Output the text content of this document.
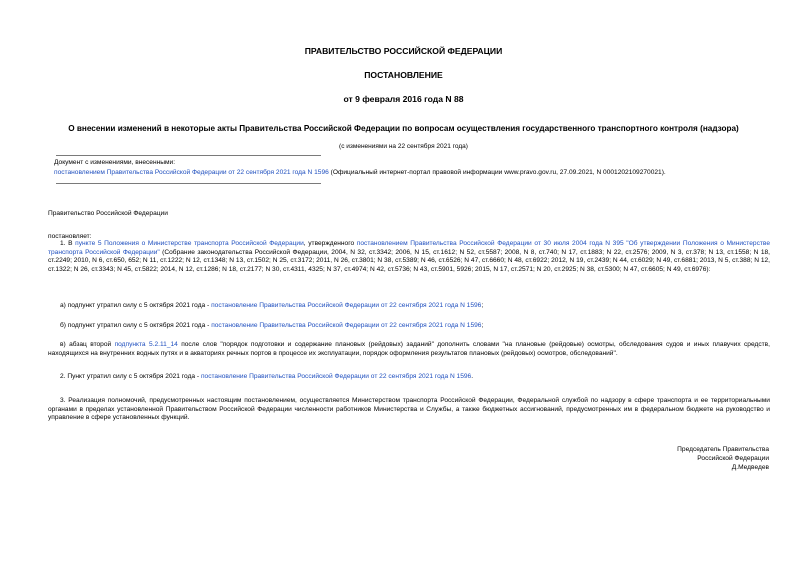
ПРАВИТЕЛЬСТВО РОССИЙСКОЙ ФЕДЕРАЦИИ
ПОСТАНОВЛЕНИЕ
от 9 февраля 2016 года N 88
О внесении изменений в некоторые акты Правительства Российской Федерации по вопросам осуществления государственного транспортного контроля (надзора)
(с изменениями на 22 сентября 2021 года)
Документ с изменениями, внесенными:
постановлением Правительства Российской Федерации от 22 сентября 2021 года N 1596 (Официальный интернет-портал правовой информации www.pravo.gov.ru, 27.09.2021, N 0001202109270021).
Правительство Российской Федерации
постановляет:
1. В пункте 5 Положения о Министерстве транспорта Российской Федерации, утвержденного постановлением Правительства Российской Федерации от 30 июля 2004 года N 395 "Об утверждении Положения о Министерстве транспорта Российской Федерации" (Собрание законодательства Российской Федерации, 2004, N 32, ст.3342; 2006, N 15, ст.1612; N 52, ст.5587; 2008, N 8, ст.740; N 17, ст.1883; N 22, ст.2576; 2009, N 3, ст.378; N 13, ст.1558; N 18, ст.2249; 2010, N 6, ст.650, 652; N 11, ст.1222; N 12, ст.1348; N 13, ст.1502; N 25, ст.3172; 2011, N 26, ст.3801; N 38, ст.5389; N 46, ст.6526; N 47, ст.6660; N 48, ст.6922; 2012, N 19, ст.2439; N 44, ст.6029; N 49, ст.6881; 2013, N 5, ст.388; N 12, ст.1322; N 26, ст.3343; N 45, ст.5822; 2014, N 12, ст.1286; N 18, ст.2177; N 30, ст.4311, 4325; N 37, ст.4974; N 42, ст.5736; N 43, ст.5901, 5926; 2015, N 17, ст.2571; N 20, ст.2925; N 38, ст.5300; N 47, ст.6605; N 49, ст.6976):
а) подпункт утратил силу с 5 октября 2021 года - постановление Правительства Российской Федерации от 22 сентября 2021 года N 1596;
б) подпункт утратил силу с 5 октября 2021 года - постановление Правительства Российской Федерации от 22 сентября 2021 года N 1596;
в) абзац второй подпункта 5.2.11_14 после слов "порядок подготовки и содержание плановых (рейдовых) заданий" дополнить словами "на плановые (рейдовые) осмотры, обследования судов и иных плавучих средств, находящихся на внутренних водных путях и в акваториях речных портов в процессе их эксплуатации, порядок оформления результатов плановых (рейдовых) осмотров, обследований".
2. Пункт утратил силу с 5 октября 2021 года - постановление Правительства Российской Федерации от 22 сентября 2021 года N 1596.
3. Реализация полномочий, предусмотренных настоящим постановлением, осуществляется Министерством транспорта Российской Федерации, Федеральной службой по надзору в сфере транспорта и ее территориальными органами в пределах установленной Правительством Российской Федерации численности работников Министерства и Службы, а также бюджетных ассигнований, предусмотренных им в федеральном бюджете на руководство и управление в сфере установленных функций.
Председатель Правительства
Российской Федерации
Д.Медведев
